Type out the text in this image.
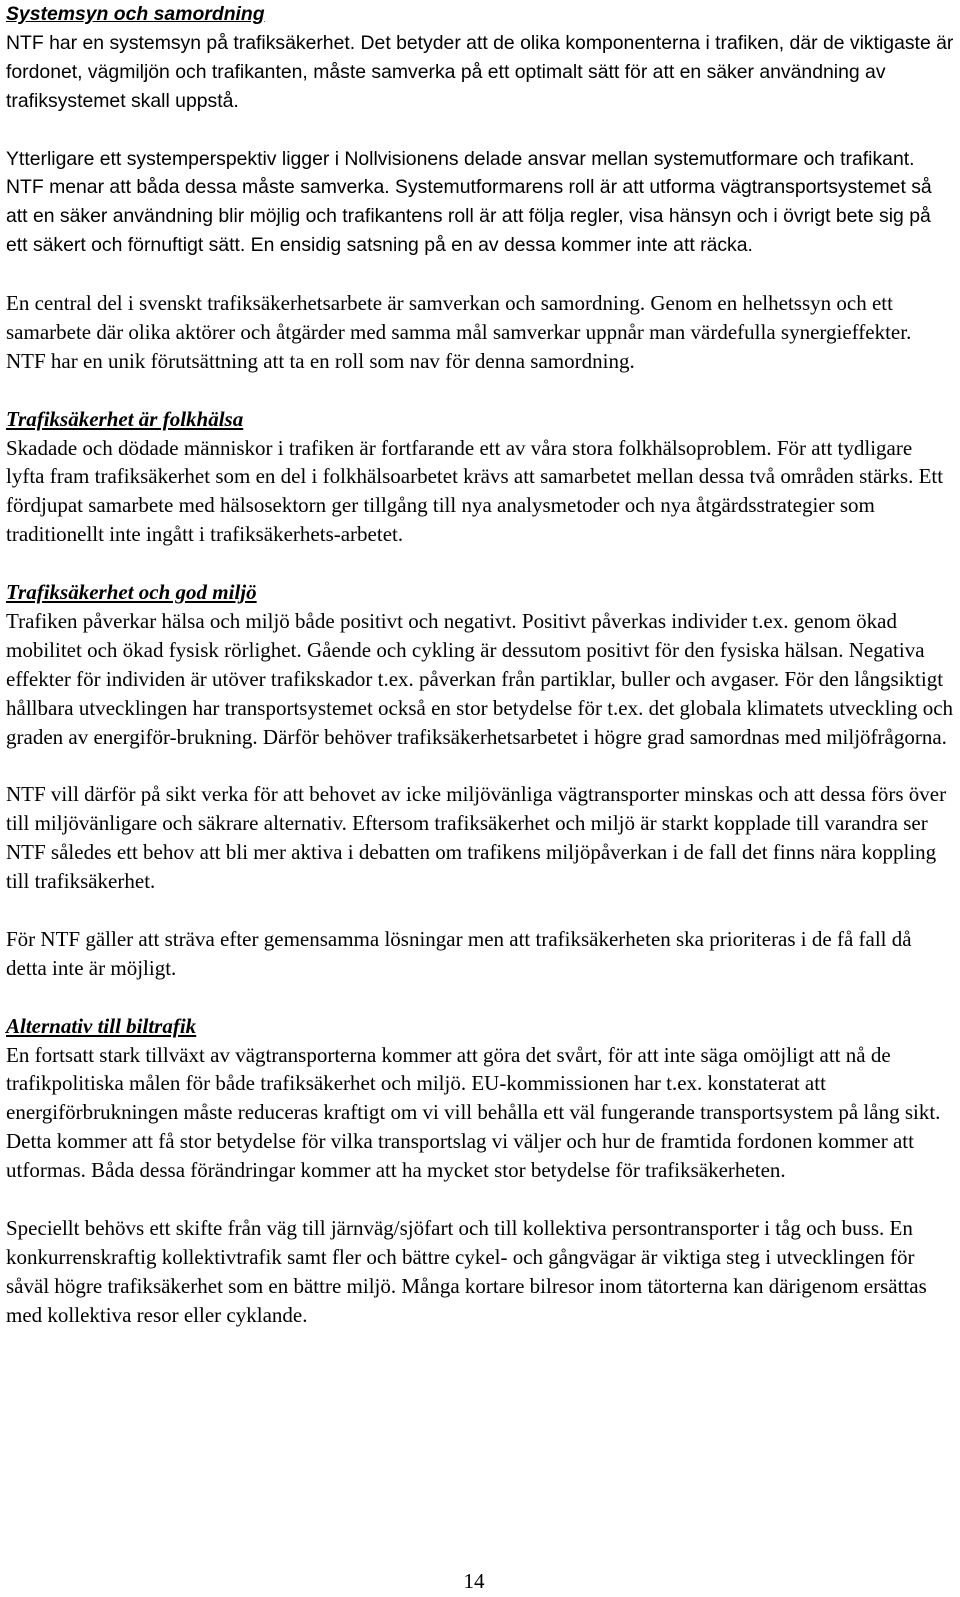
Systemsyn och samordning

NTF har en systemsyn på trafiksäkerhet. Det betyder att de olika komponenterna i trafiken, där de viktigaste är fordonet, vägmiljön och trafikanten, måste samverka på ett optimalt sätt för att en säker användning av trafiksystemet skall uppstå.

Ytterligare ett systemperspektiv ligger i Nollvisionens delade ansvar mellan systemutformare och trafikant. NTF menar att båda dessa måste samverka. Systemutformarens roll är att utforma vägtransportsystemet så att en säker användning blir möjlig och trafikantens roll är att följa regler, visa hänsyn och i övrigt bete sig på ett säkert och förnuftigt sätt. En ensidig satsning på en av dessa kommer inte att räcka.

En central del i svenskt trafiksäkerhetsarbete är samverkan och samordning. Genom en helhetssyn och ett samarbete där olika aktörer och åtgärder med samma mål samverkar uppnår man värdefulla synergieffekter. NTF har en unik förutsättning att ta en roll som nav för denna samordning.

Trafiksäkerhet är folkhälsa

Skadade och dödade människor i trafiken är fortfarande ett av våra stora folkhälsoproblem. För att tydligare lyfta fram trafiksäkerhet som en del i folkhälsoarbetet krävs att samarbetet mellan dessa två områden stärks. Ett fördjupat samarbete med hälsosektorn ger tillgång till nya analysmetoder och nya åtgärdsstrategier som traditionellt inte ingått i trafiksäkerhets-arbetet.

Trafiksäkerhet och god miljö

Trafiken påverkar hälsa och miljö både positivt och negativt. Positivt påverkas individer t.ex. genom ökad mobilitet och ökad fysisk rörlighet. Gående och cykling är dessutom positivt för den fysiska hälsan. Negativa effekter för individen är utöver trafikskador t.ex. påverkan från partiklar, buller och avgaser. För den långsiktigt hållbara utvecklingen har transportsystemet också en stor betydelse för t.ex. det globala klimatets utveckling och graden av energiför-brukning. Därför behöver trafiksäkerhetsarbetet i högre grad samordnas med miljöfrågorna.

NTF vill därför på sikt verka för att behovet av icke miljövänliga vägtransporter minskas och att dessa förs över till miljövänligare och säkrare alternativ. Eftersom trafiksäkerhet och miljö är starkt kopplade till varandra ser NTF således ett behov att bli mer aktiva i debatten om trafikens miljöpåverkan i de fall det finns nära koppling till trafiksäkerhet.

För NTF gäller att sträva efter gemensamma lösningar men att trafiksäkerheten ska prioriteras i de få fall då detta inte är möjligt.

Alternativ till biltrafik

En fortsatt stark tillväxt av vägtransporterna kommer att göra det svårt, för att inte säga omöjligt att nå de trafikpolitiska målen för både trafiksäkerhet och miljö. EU-kommissionen har t.ex. konstaterat att energiförbrukningen måste reduceras kraftigt om vi vill behålla ett väl fungerande transportsystem på lång sikt. Detta kommer att få stor betydelse för vilka transportslag vi väljer och hur de framtida fordonen kommer att utformas. Båda dessa förändringar kommer att ha mycket stor betydelse för trafiksäkerheten.

Speciellt behövs ett skifte från väg till järnväg/sjöfart och till kollektiva persontransporter i tåg och buss. En konkurrenskraftig kollektivtrafik samt fler och bättre cykel- och gångvägar är viktiga steg i utvecklingen för såväl högre trafiksäkerhet som en bättre miljö. Många kortare bilresor inom tätorterna kan därigenom ersättas med kollektiva resor eller cyklande.

14
